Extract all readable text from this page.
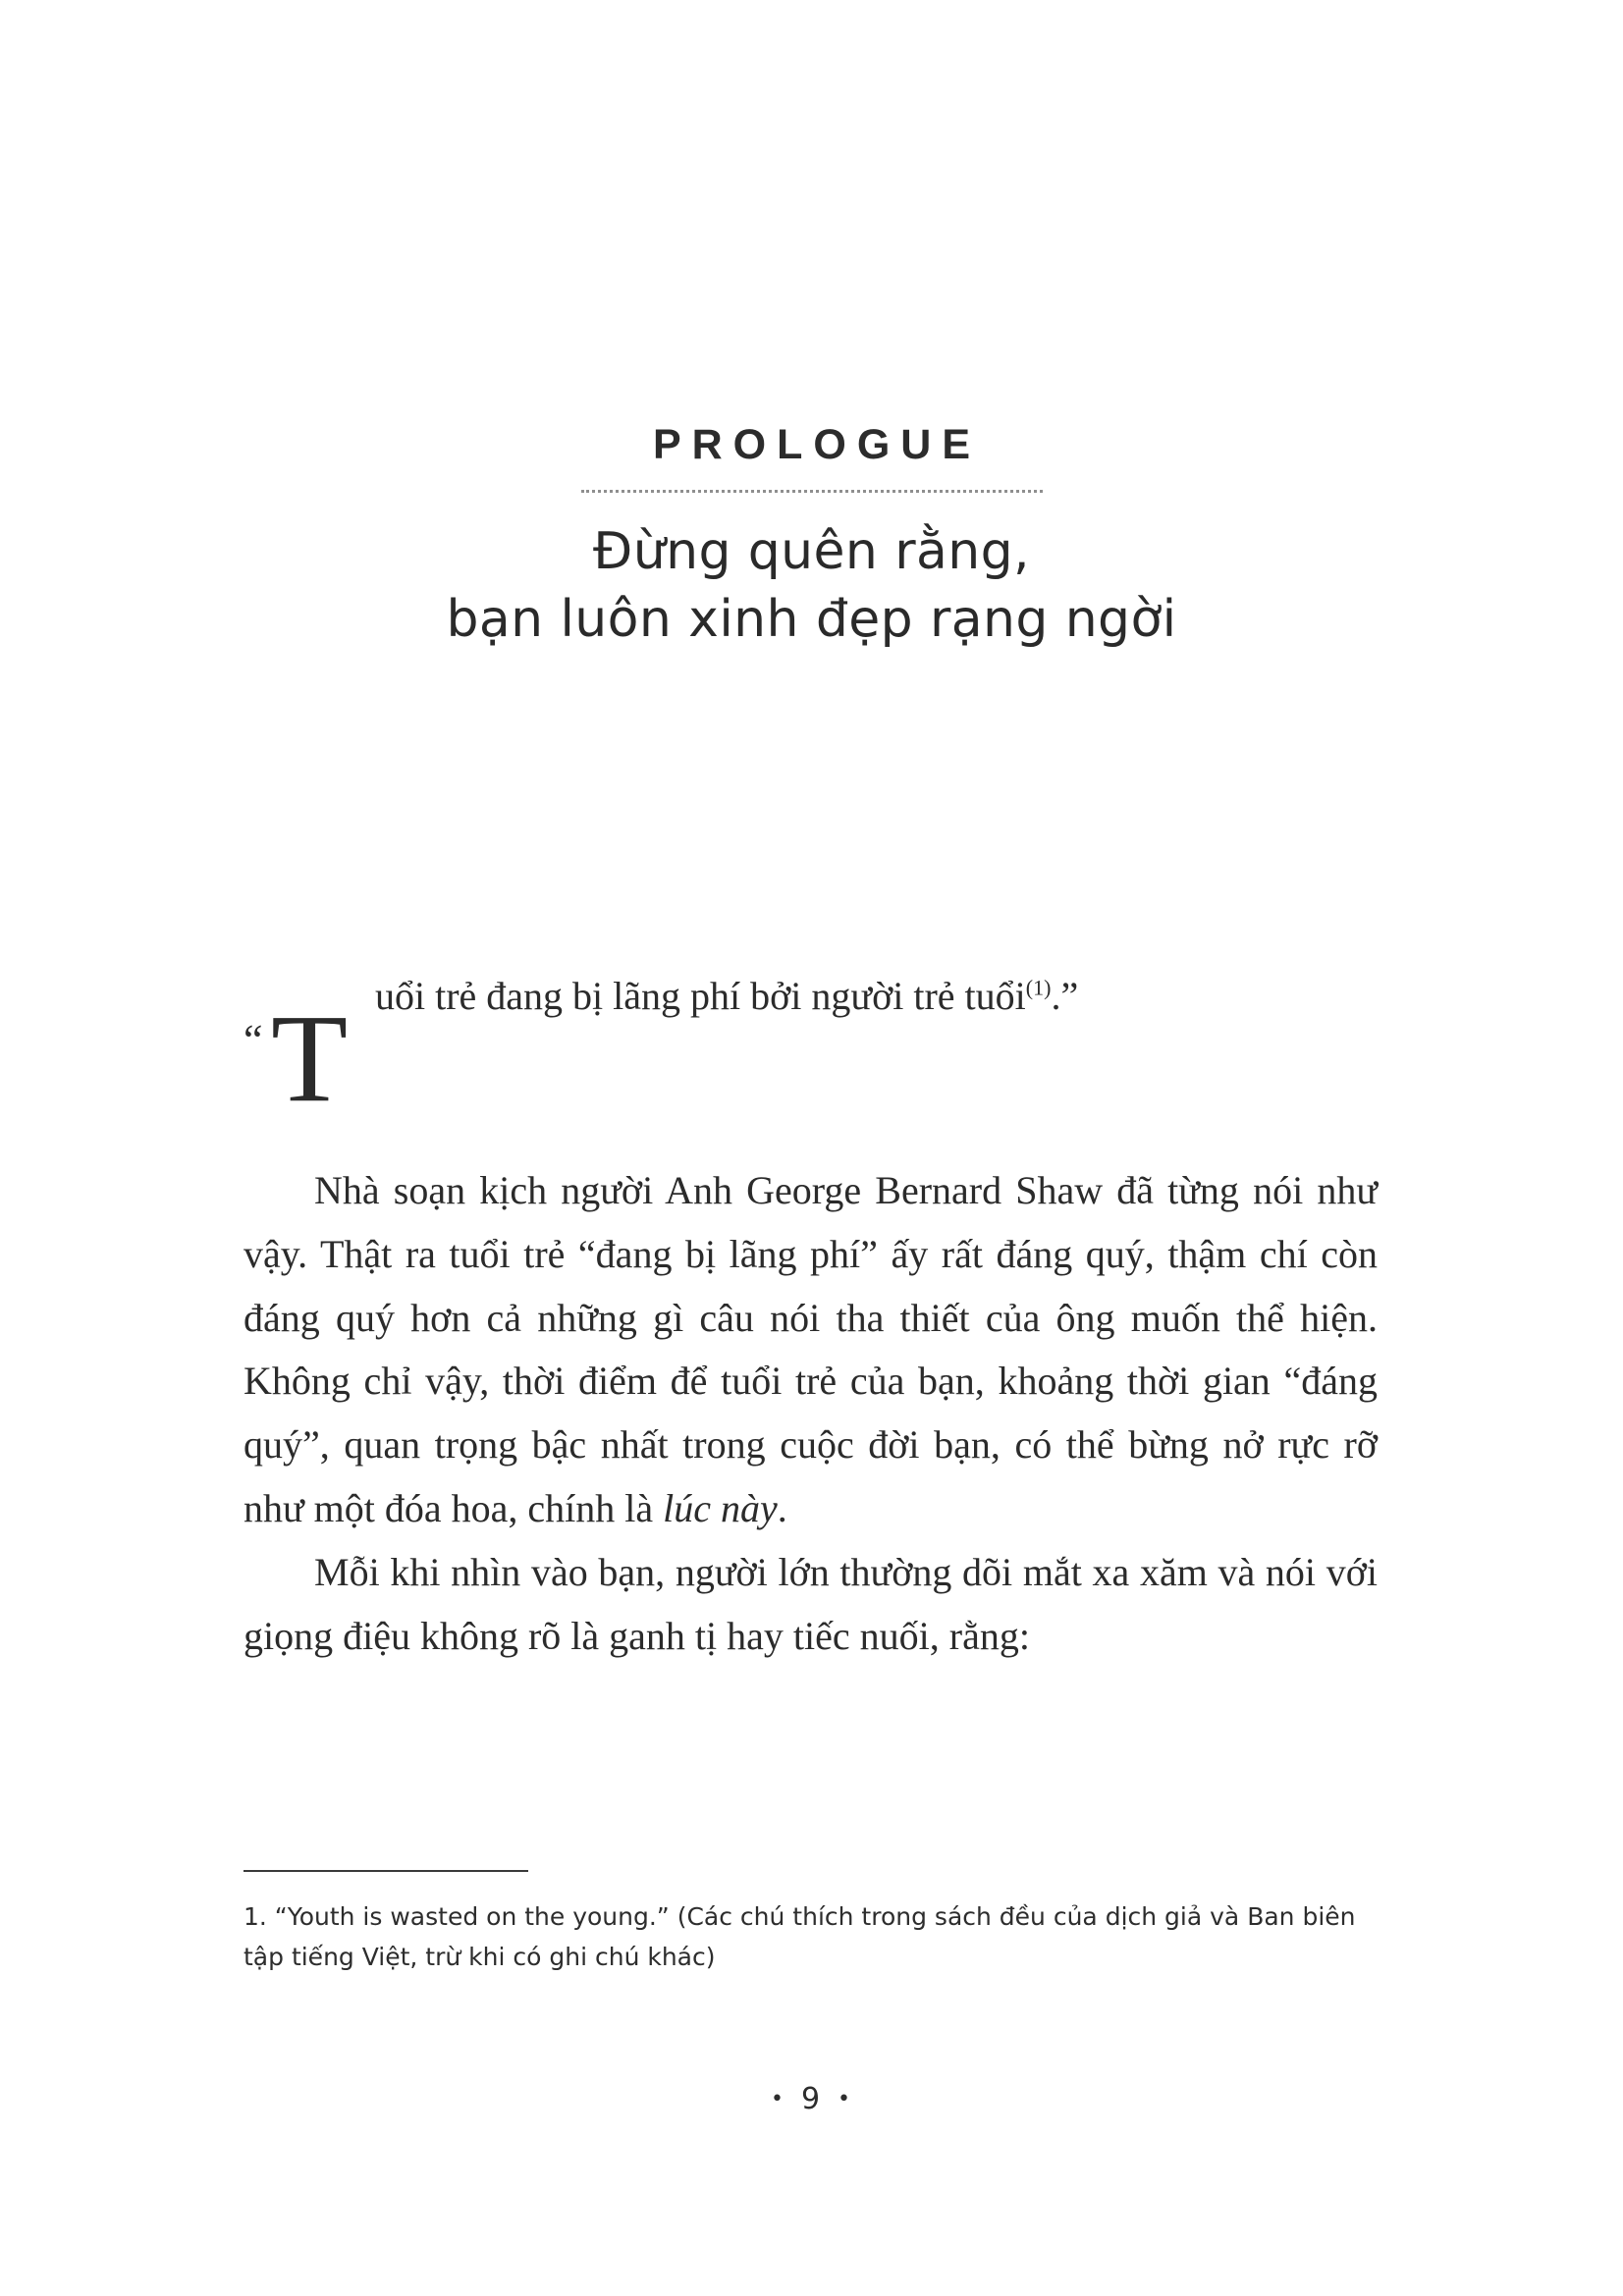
PROLOGUE
Đừng quên rằng,
bạn luôn xinh đẹp rạng ngời
“ T uổi trẻ đang bị lãng phí bởi người trẻ tuổi$^{(1)}$.”

Nhà soạn kịch người Anh George Bernard Shaw đã từng nói như vậy. Thật ra tuổi trẻ “đang bị lãng phí” ấy rất đáng quý, thậm chí còn đáng quý hơn cả những gì câu nói tha thiết của ông muốn thể hiện. Không chỉ vậy, thời điểm để tuổi trẻ của bạn, khoảng thời gian “đáng quý”, quan trọng bậc nhất trong cuộc đời bạn, có thể bừng nở rực rỡ như một đóa hoa, chính là lúc này.

Mỗi khi nhìn vào bạn, người lớn thường dõi mắt xa xăm và nói với giọng điệu không rõ là ganh tị hay tiếc nuối, rằng:

1. “Youth is wasted on the young.” (Các chú thích trong sách đều của dịch giả và Ban biên tập tiếng Việt, trừ khi có ghi chú khác)
• 9 •
